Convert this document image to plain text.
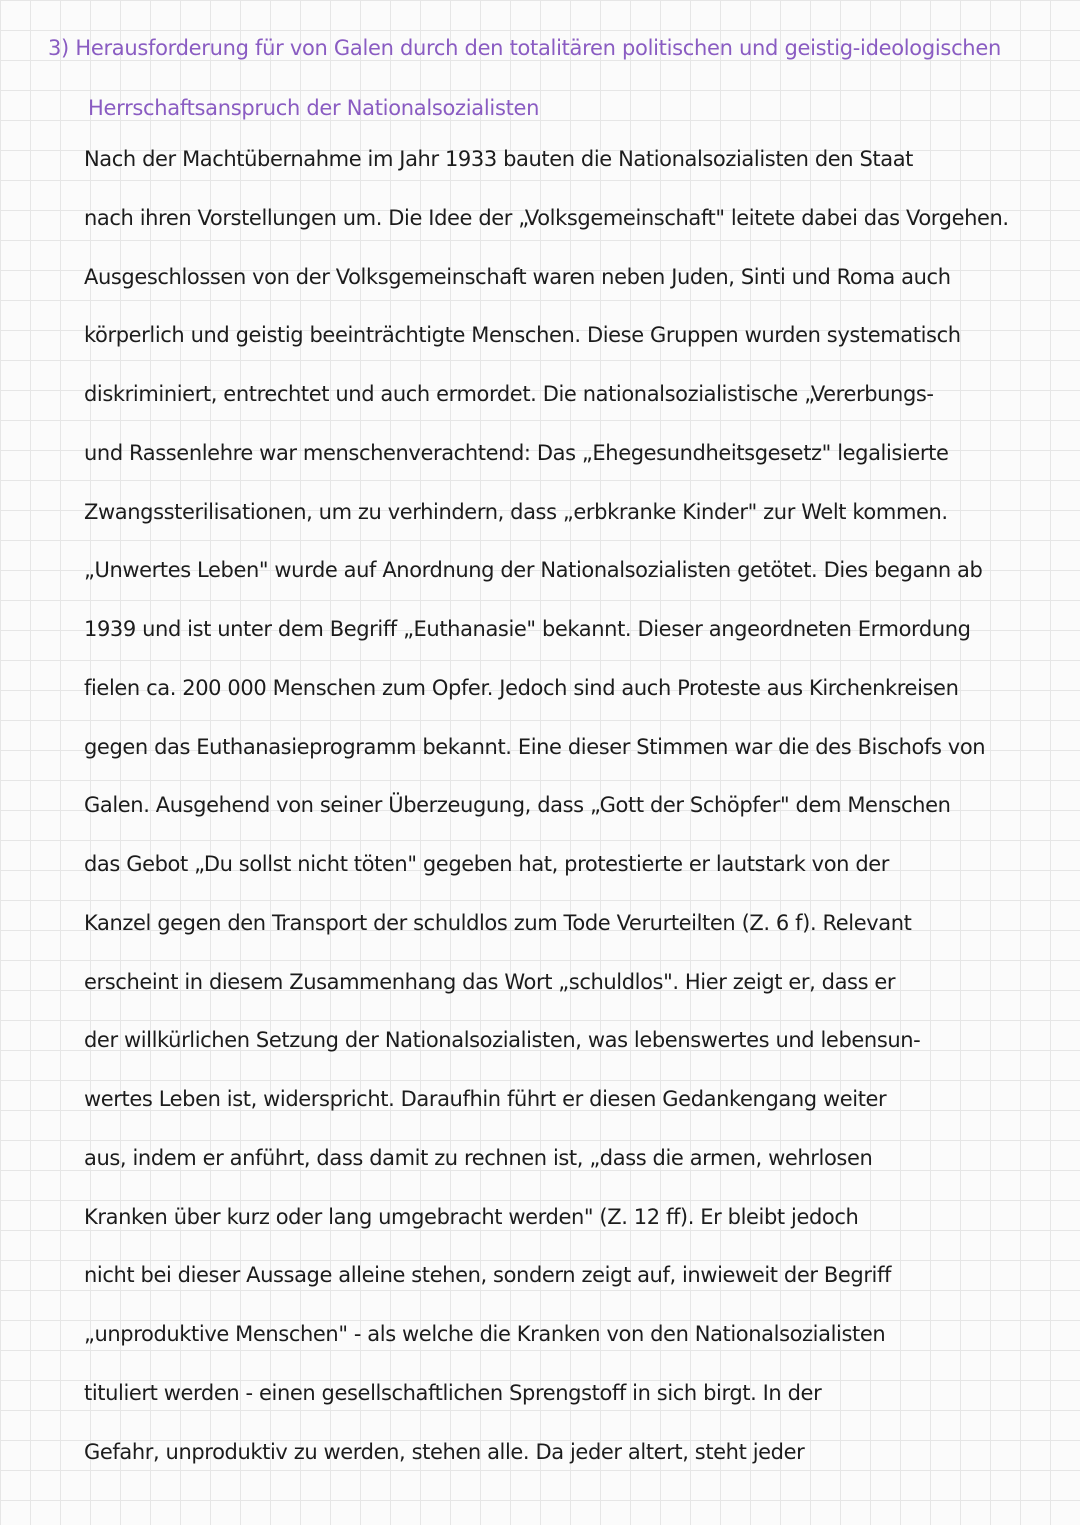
3) Herausforderung für von Galen durch den totalitären politischen und geistig-ideologischen
Herrschaftsanspruch der Nationalsozialisten
Nach der Machtübernahme im Jahr 1933 bauten die Nationalsozialisten den Staat
nach ihren Vorstellungen um. Die Idee der „Volksgemeinschaft" leitete dabei das Vorgehen.
Ausgeschlossen von der Volksgemeinschaft waren neben Juden, Sinti und Roma auch
körperlich und geistig beeinträchtigte Menschen. Diese Gruppen wurden systematisch
diskriminiert, entrechtet und auch ermordet. Die nationalsozialistische „Vererbungs-
und Rassenlehre war menschenverachtend: Das „Ehegesundheitsgesetz" legalisierte
Zwangssterilisationen, um zu verhindern, dass „erbkranke Kinder" zur Welt kommen.
„Unwertes Leben" wurde auf Anordnung der Nationalsozialisten getötet. Dies begann ab
1939 und ist unter dem Begriff „Euthanasie" bekannt. Dieser angeordneten Ermordung
fielen ca. 200 000 Menschen zum Opfer. Jedoch sind auch Proteste aus Kirchenkreisen
gegen das Euthanasieprogramm bekannt. Eine dieser Stimmen war die des Bischofs von
Galen. Ausgehend von seiner Überzeugung, dass „Gott der Schöpfer" dem Menschen
das Gebot „Du sollst nicht töten" gegeben hat, protestierte er lautstark von der
Kanzel gegen den Transport der schuldlos zum Tode Verurteilten (Z. 6 f). Relevant
erscheint in diesem Zusammenhang das Wort „schuldlos". Hier zeigt er, dass er
der willkürlichen Setzung der Nationalsozialisten, was lebenswertes und lebensun-
wertes Leben ist, widerspricht. Daraufhin führt er diesen Gedankengang weiter
aus, indem er anführt, dass damit zu rechnen ist, „dass die armen, wehrlosen
Kranken über kurz oder lang umgebracht werden" (Z. 12 ff). Er bleibt jedoch
nicht bei dieser Aussage alleine stehen, sondern zeigt auf, inwieweit der Begriff
„unproduktive Menschen" - als welche die Kranken von den Nationalsozialisten
tituliert werden - einen gesellschaftlichen Sprengstoff in sich birgt. In der
Gefahr, unproduktiv zu werden, stehen alle. Da jeder altert, steht jeder
